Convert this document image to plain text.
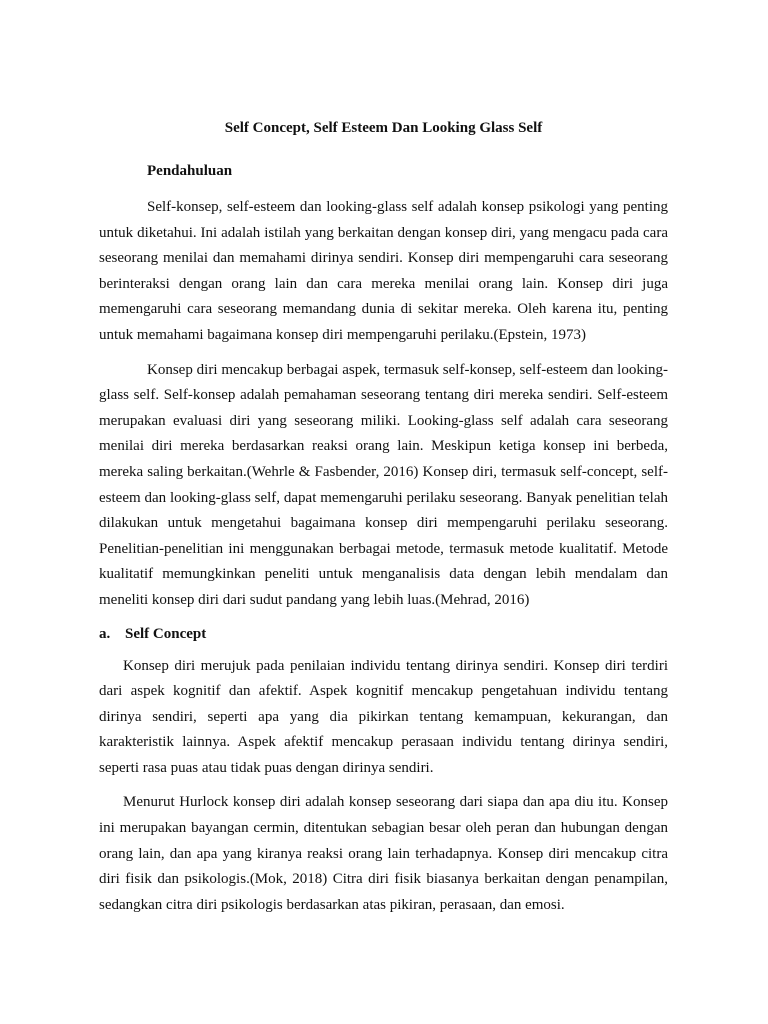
Self Concept, Self Esteem Dan Looking Glass Self
Pendahuluan

Self-konsep, self-esteem dan looking-glass self adalah konsep psikologi yang penting untuk diketahui. Ini adalah istilah yang berkaitan dengan konsep diri, yang mengacu pada cara seseorang menilai dan memahami dirinya sendiri. Konsep diri mempengaruhi cara seseorang berinteraksi dengan orang lain dan cara mereka menilai orang lain. Konsep diri juga memengaruhi cara seseorang memandang dunia di sekitar mereka. Oleh karena itu, penting untuk memahami bagaimana konsep diri mempengaruhi perilaku.(Epstein, 1973)

Konsep diri mencakup berbagai aspek, termasuk self-konsep, self-esteem dan looking-glass self. Self-konsep adalah pemahaman seseorang tentang diri mereka sendiri. Self-esteem merupakan evaluasi diri yang seseorang miliki. Looking-glass self adalah cara seseorang menilai diri mereka berdasarkan reaksi orang lain. Meskipun ketiga konsep ini berbeda, mereka saling berkaitan.(Wehrle & Fasbender, 2016) Konsep diri, termasuk self-concept, self-esteem dan looking-glass self, dapat memengaruhi perilaku seseorang. Banyak penelitian telah dilakukan untuk mengetahui bagaimana konsep diri mempengaruhi perilaku seseorang. Penelitian-penelitian ini menggunakan berbagai metode, termasuk metode kualitatif. Metode kualitatif memungkinkan peneliti untuk menganalisis data dengan lebih mendalam dan meneliti konsep diri dari sudut pandang yang lebih luas.(Mehrad, 2016)

a. Self Concept

Konsep diri merujuk pada penilaian individu tentang dirinya sendiri. Konsep diri terdiri dari aspek kognitif dan afektif. Aspek kognitif mencakup pengetahuan individu tentang dirinya sendiri, seperti apa yang dia pikirkan tentang kemampuan, kekurangan, dan karakteristik lainnya. Aspek afektif mencakup perasaan individu tentang dirinya sendiri, seperti rasa puas atau tidak puas dengan dirinya sendiri.

Menurut Hurlock konsep diri adalah konsep seseorang dari siapa dan apa diu itu. Konsep ini merupakan bayangan cermin, ditentukan sebagian besar oleh peran dan hubungan dengan orang lain, dan apa yang kiranya reaksi orang lain terhadapnya. Konsep diri mencakup citra diri fisik dan psikologis.(Mok, 2018) Citra diri fisik biasanya berkaitan dengan penampilan, sedangkan citra diri psikologis berdasarkan atas pikiran, perasaan, dan emosi.
